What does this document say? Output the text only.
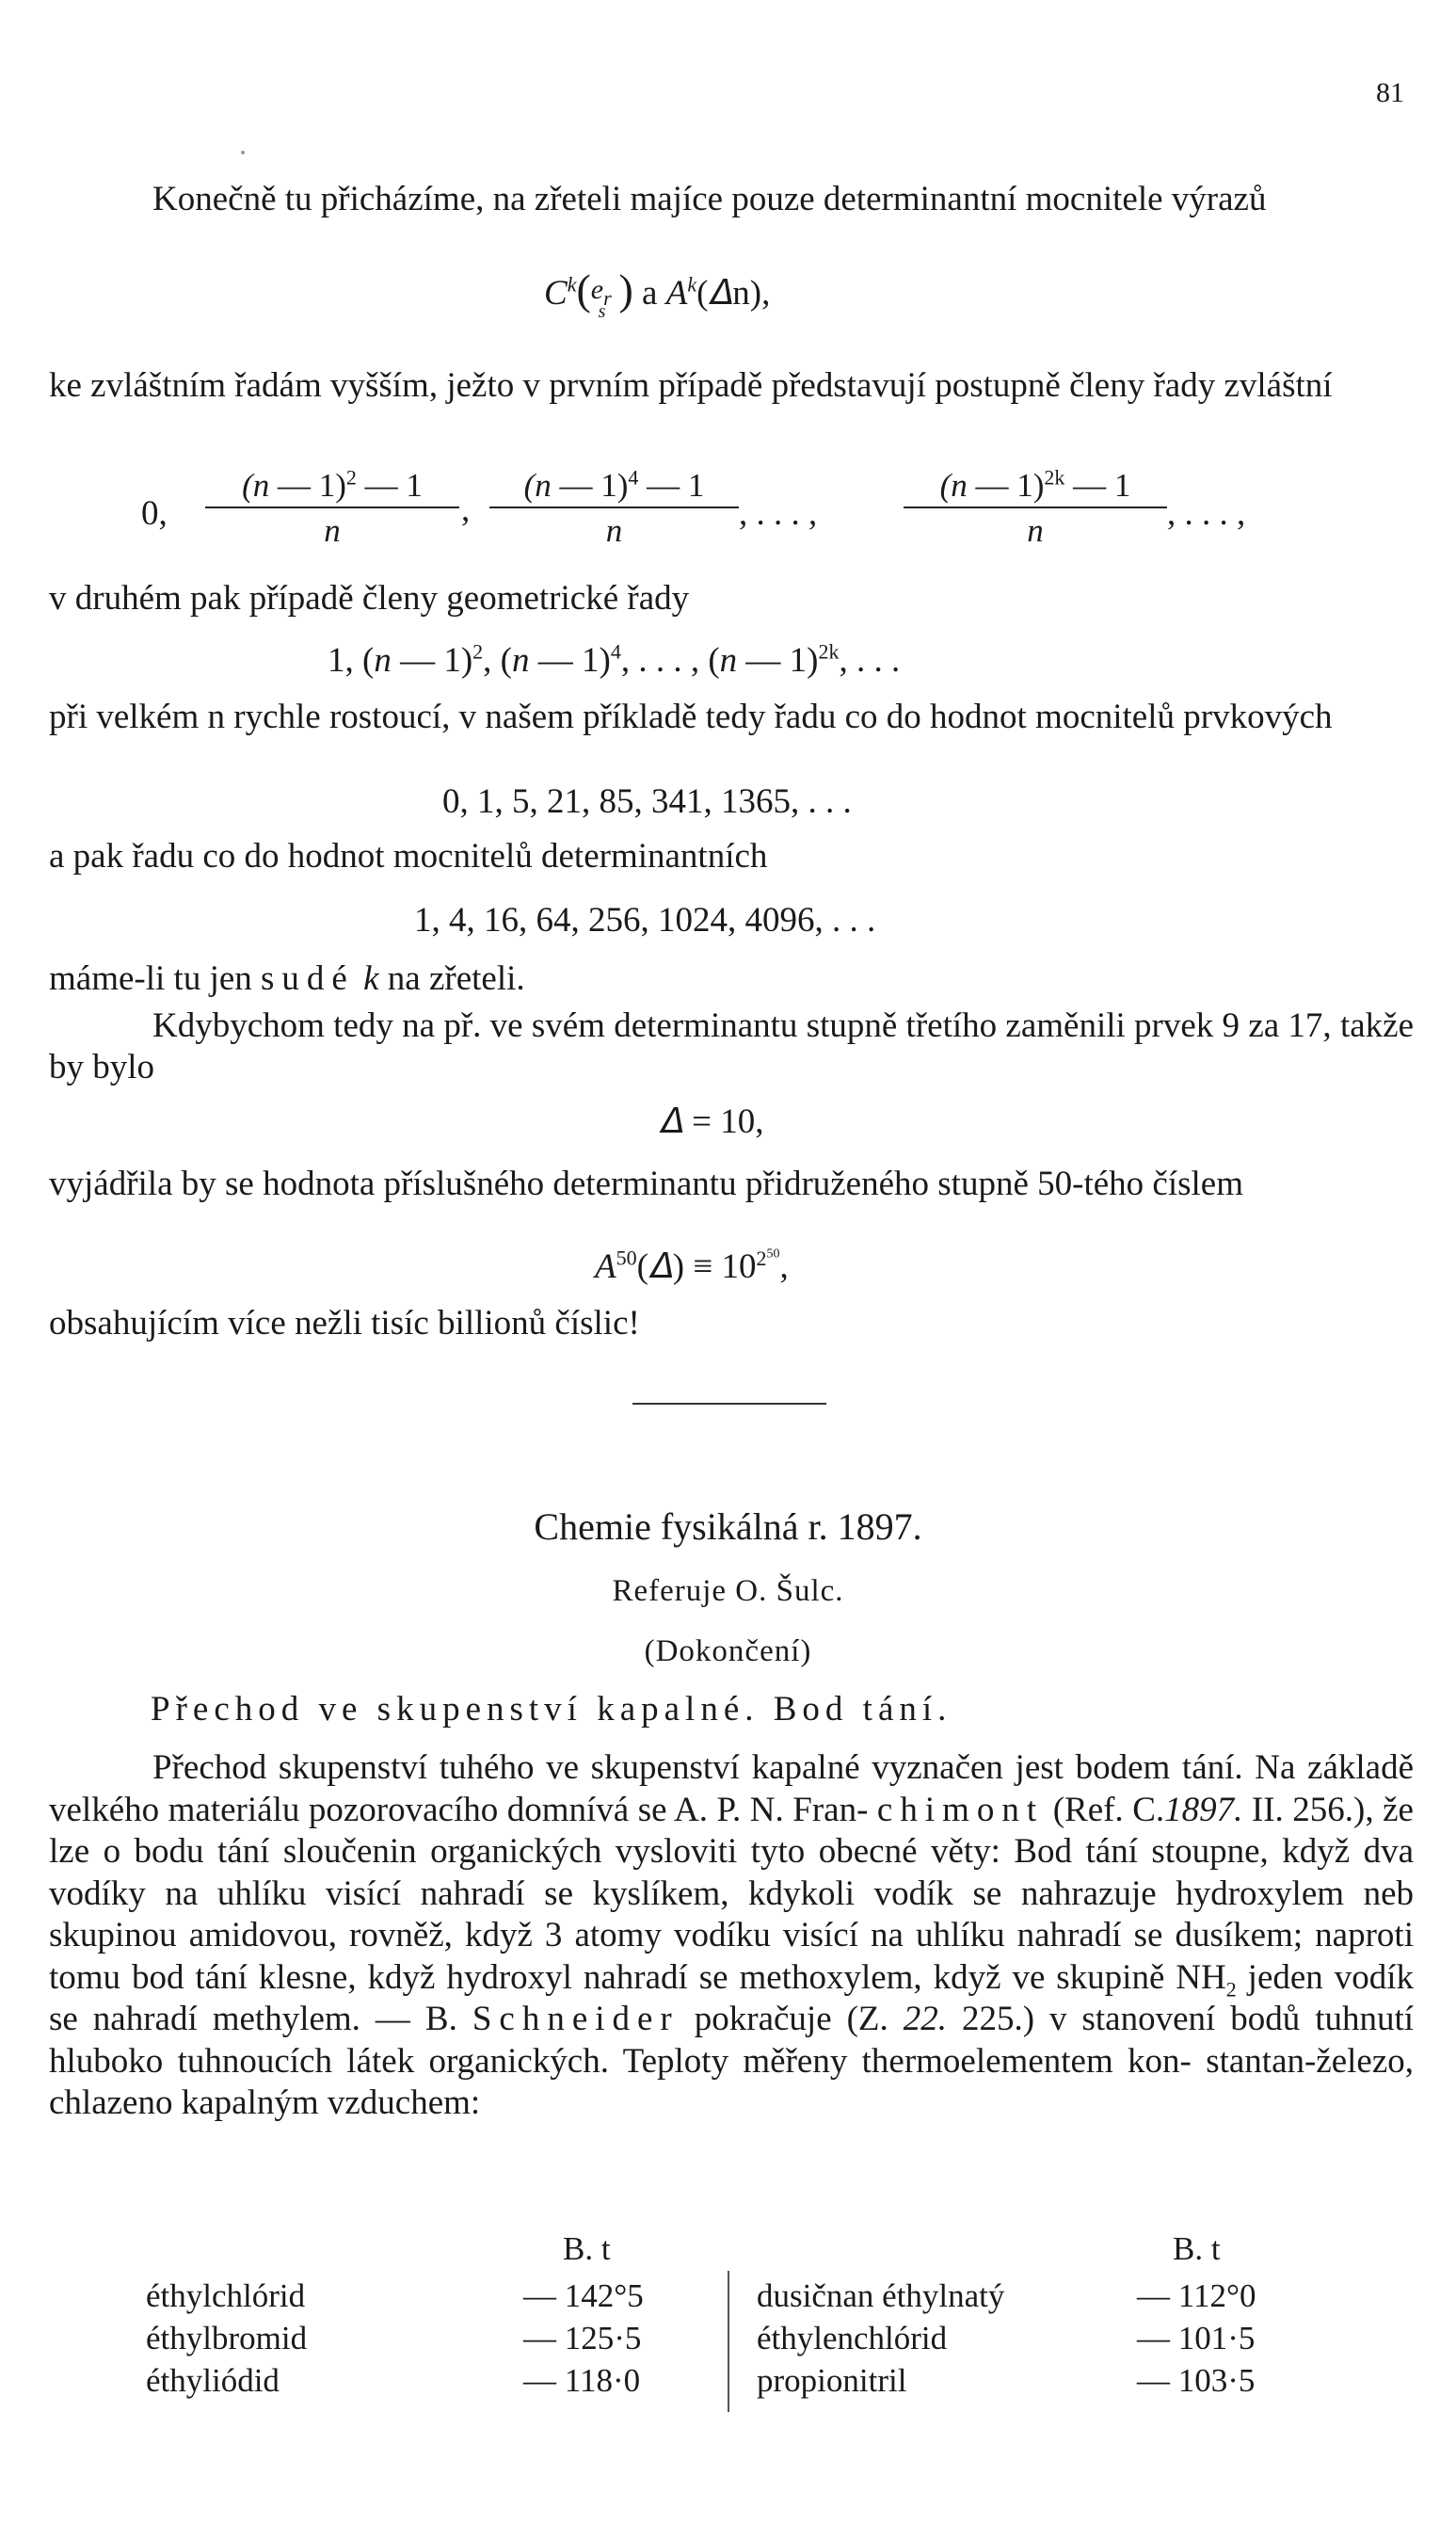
81
Konečně tu přicházíme, na zřeteli majíce pouze determinantní mocnitele výrazů
$C^k(e_{rs}$ ) a $A^k(𝛥n)$,
ke zvláštním řadám vyšším, ježto v prvním případě představují postupně členy řady zvláštní
0, $\frac{(n — 1)^2 — 1}{n}$ , $\frac{(n — 1)^4 — 1}{n}$ , . . . ,	$\frac{(n — 1)^{2k} — 1}{n}$ , . . . ,
v druhém pak případě členy geometrické řady
1, (n — 1)$^2$, (n — 1)$^4$, . . . , (n — 1)$^{2k}$, . . .
při velkém n rychle rostoucí, v našem příkladě tedy řadu co do hodnot mocnitelů prvkových
0, 1, 5, 21, 85, 341, 1365, . . .
a pak řadu co do hodnot mocnitelů determinantních
1, 4, 16, 64, 256, 1024, 4096, . . .
máme-li tu jen sudé k na zřeteli.
Kdybychom tedy na př. ve svém determinantu stupně třetího zaměnili prvek 9 za 17, takže by bylo
𝛥 = 10,
vyjádřila by se hodnota příslušného determinantu přidruženého stupně 50-tého číslem
$A^{50}(𝛥) \equiv 10^{2^{50}}$,
obsahujícím více nežli tisíc billionů číslic!
Chemie fysikálná r. 1897.
Referuje O. Šulc.
(Dokončení)
Přechod ve skupenství kapalné. Bod tání.
Přechod skupenství tuhého ve skupenství kapalné vyznačen jest bodem tání. Na základě velkého materiálu pozorovacího domnívá se A. P. N. Fran- chimont (Ref. C.1897. II. 256.), že lze o bodu tání sloučenin organických vysloviti tyto obecné věty: Bod tání stoupne, když dva vodíky na uhlíku visící nahradí se kyslíkem, kdykoli vodík se nahrazuje hydroxylem neb skupinou amidovou, rovněž, když 3 atomy vodíku visící na uhlíku nahradí se dusíkem; naproti tomu bod tání klesne, když hydroxyl nahradí se methoxylem, když ve skupině $NH_2$ jeden vodík se nahradí methylem. — B. Schneider pokračuje (Z. 22. 225.) v stanovení bodů tuhnutí hluboko tuhnoucích látek organických. Teploty měřeny thermoelementem kon- stantan-železo, chlazeno kapalným vzduchem:
B. t	B. t
éthylchlórid
éthylbromid
éthyliódid
— 142°5
— 125·5
— 118·0
dusičnan éthylnatý
éthylenchlórid
propionitril
— 112°0
— 101·5
— 103·5
